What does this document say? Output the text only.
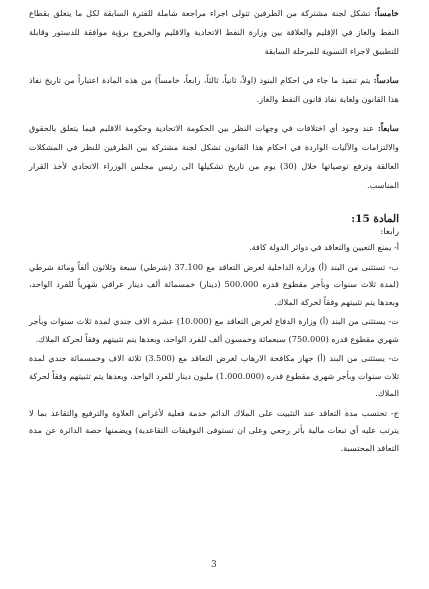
خامساً: تشكل لجنة مشتركة من الطرفين تتولى اجراء مراجعة شاملة للفترة السابقة لكل ما يتعلق بقطاع النفط والغاز في الإقليم والعلاقة بين وزارة النفط الاتحادية والاقليم والخروج برؤية موافقة للدستور وقابلة للتطبيق لاجراء التسوية للمرحلة السابقة

سادساً: يتم تنفيذ ما جاء في احكام البنود (اولاً، ثانياً، ثالثاً، رابعاً، خامساً) من هذه المادة اعتباراً من تاريخ نفاذ هذا القانون ولغاية نفاذ قانون النفط والغاز.

سابعاً: عند وجود أي اختلافات في وجهات النظر بين الحكومة الاتحادية وحكومة الاقليم فيما يتعلق بالحقوق والالتزامات والآليات الواردة في احكام هذا القانون تشكل لجنة مشتركة بين الطرفين للنظر في المشكلات العالقة وترفع توصياتها خلال (30) يوم من تاريخ تشكيلها الى رئيس مجلس الوزراء الاتحادي لأخذ القرار المناسب.

المادة 15:

رابعا:

أ- يمنع التعيين والتعاقد في دوائر الدولة كافة.

ب- تستثنى من البند (أ) وزارة الداخلية لغرض التعاقد مع 37.100 (شرطي) سبعة وثلاثون ألفاً ومائة شرطي (لمدة ثلاث سنوات وبأجر مقطوع قدره 500.000 (دينار) خمسمائة ألف دينار عراقي شهرياً للفرد الواحد، وبعدها يتم تثبيتهم وفقاً لحركة الملاك.

ت- يستثنى من البند (أ) وزارة الدفاع لغرض التعاقد مع (10.000) عشرة الاف جندي لمدة ثلاث سنوات وبأجر شهري مقطوع قدره (750.000) سبعمائة وخمسون ألف للفرد الواحد، وبعدها يتم تثبيتهم وفقاً لحركة الملاك.

ث- يستثنى من البند (أ) جهاز مكافحة الارهاب لغرض التعاقد مع (3.500) ثلاثة الاف وخمسمائة جندي لمدة ثلاث سنوات وبأجر شهري مقطوع قدره (1.000.000) مليون دينار للفرد الواحد، وبعدها يتم تثبيتهم وفقاً لحركة الملاك.

ج- تحتسب مدة التعاقد عند التثبيت على الملاك الدائم خدمة فعلية لأغراض العلاوة والترفيع والتقاعد بما لا يترتب عليه أي تبعات مالية بأثر رجعي وعلى ان تستوفى التوقيفات التقاعدية) ويضمنها حصة الدائرة عن مدة التعاقد المحتسبة.

3
